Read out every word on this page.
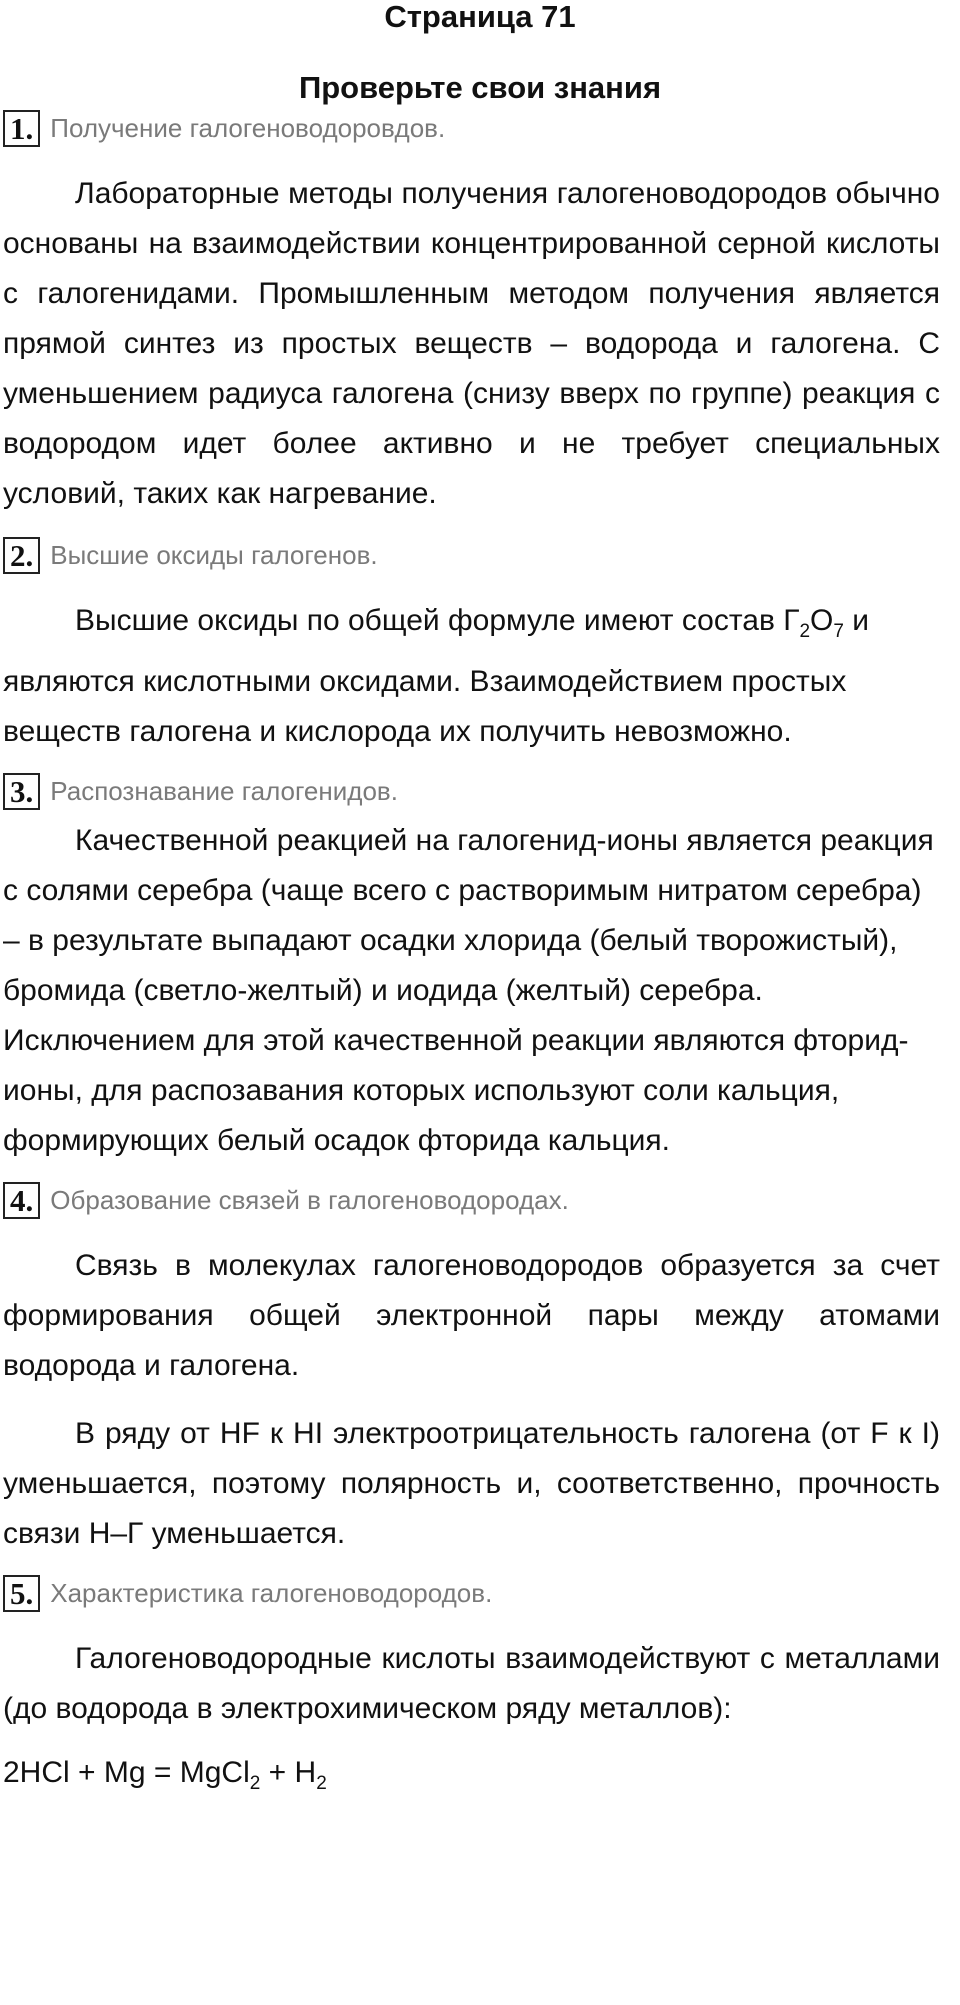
Страница 71
Проверьте свои знания
1. Получение галогеноводоровдов.

Лабораторные методы получения галогеноводородов обычно основаны на взаимодействии концентрированной серной кислоты с галогенидами. Промышленным методом получения является прямой синтез из простых веществ – водорода и галогена. С уменьшением радиуса галогена (снизу вверх по группе) реакция с водородом идет более активно и не требует специальных условий, таких как нагревание.

2. Высшие оксиды галогенов.

Высшие оксиды по общей формуле имеют состав $Г_2O_7$ и являются кислотными оксидами. Взаимодействием простых веществ галогена и кислорода их получить невозможно.

3. Распознавание галогенидов.

Качественной реакцией на галогенид-ионы является реакция с солями серебра (чаще всего с растворимым нитратом серебра) – в результате выпадают осадки хлорида (белый творожистый), бромида (светло-желтый) и иодида (желтый) серебра. Исключением для этой качественной реакции являются фторид-ионы, для распозавания которых используют соли кальция, формирующих белый осадок фторида кальция.

4. Образование связей в галогеноводородах.

Связь в молекулах галогеноводородов образуется за счет формирования общей электронной пары между атомами водорода и галогена.

В ряду от HF к HI электроотрицательность галогена (от F к I) уменьшается, поэтому полярность и, соответственно, прочность связи H–Г уменьшается.

5. Характеристика галогеноводородов.

Галогеноводородные кислоты взаимодействуют с металлами (до водорода в электрохимическом ряду металлов):

2HCl + Mg = MgCl$_2$ + $H_2$
